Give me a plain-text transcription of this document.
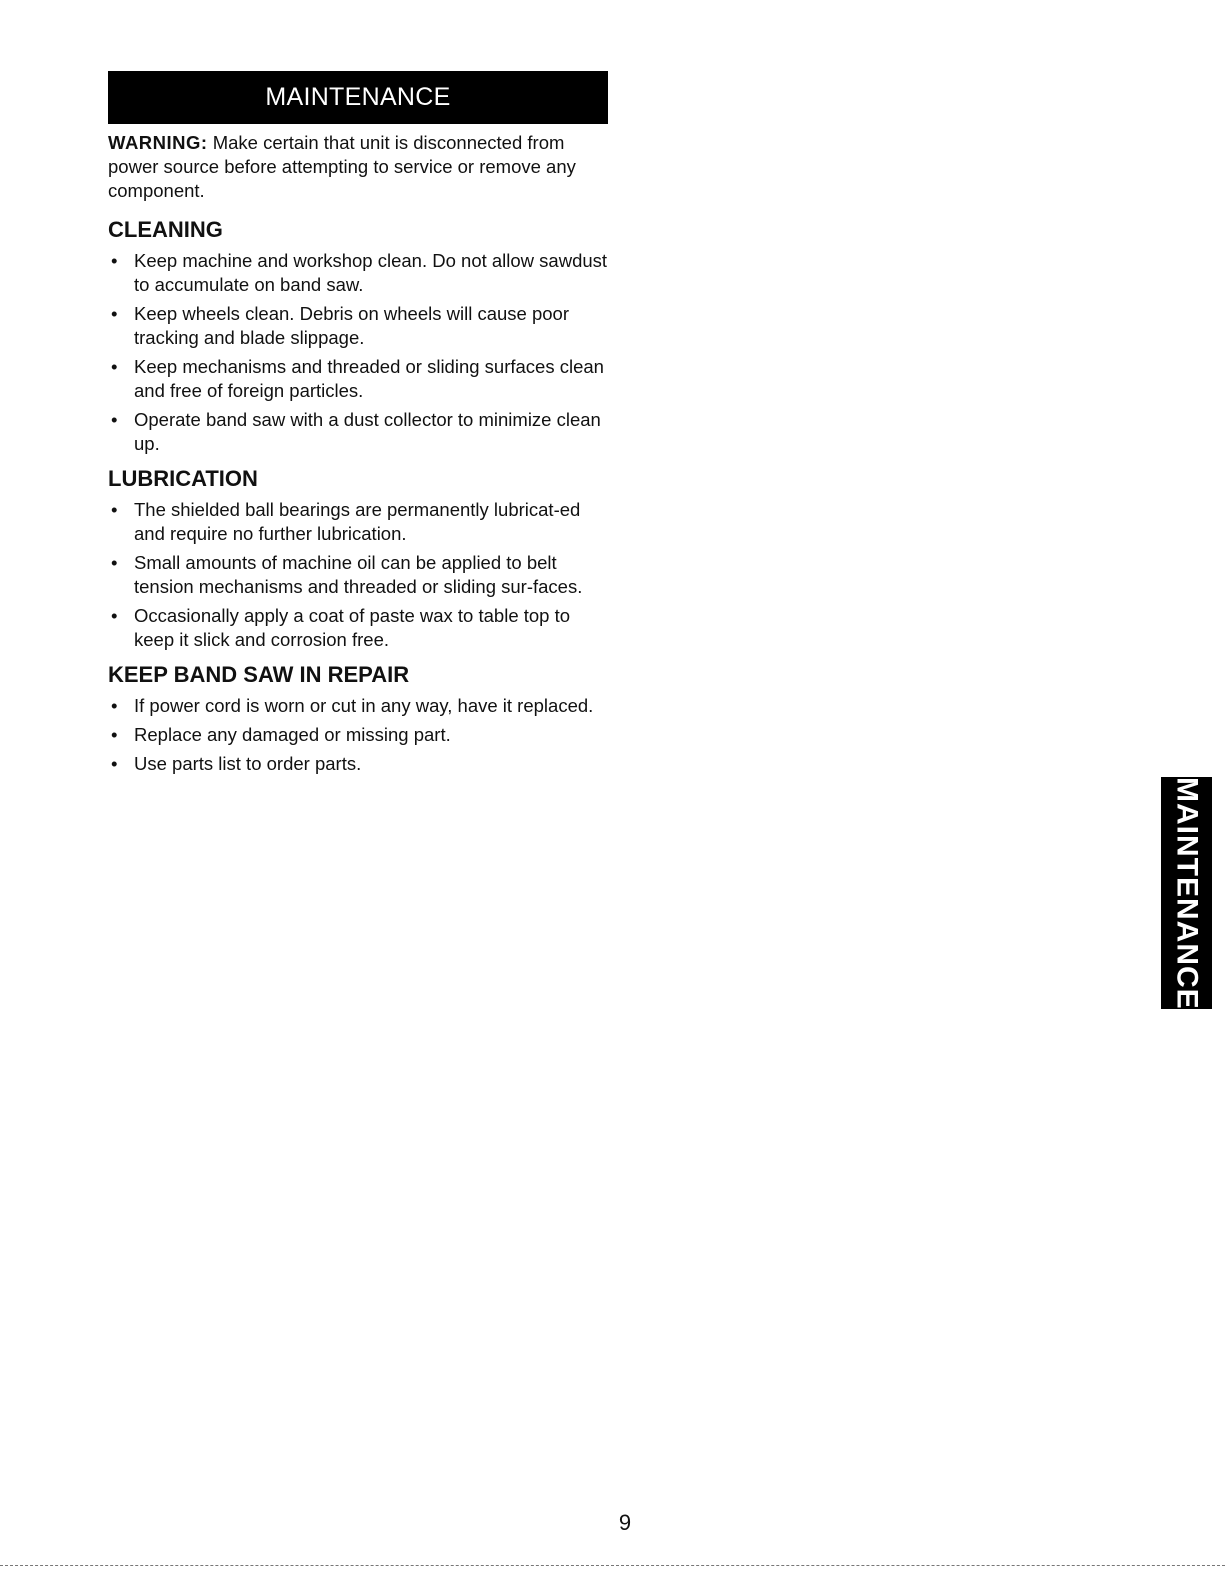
MAINTENANCE

WARNING: Make certain that unit is disconnected from power source before attempting to service or remove any component.

CLEANING
• Keep machine and workshop clean. Do not allow sawdust to accumulate on band saw.
• Keep wheels clean. Debris on wheels will cause poor tracking and blade slippage.
• Keep mechanisms and threaded or sliding surfaces clean and free of foreign particles.
• Operate band saw with a dust collector to minimize clean up.
LUBRICATION
• The shielded ball bearings are permanently lubricat-ed and require no further lubrication.
• Small amounts of machine oil can be applied to belt tension mechanisms and threaded or sliding sur-faces.
• Occasionally apply a coat of paste wax to table top to keep it slick and corrosion free.
KEEP BAND SAW IN REPAIR
• If power cord is worn or cut in any way, have it replaced.
• Replace any damaged or missing part.
• Use parts list to order parts.
MAINTENANCE
9
